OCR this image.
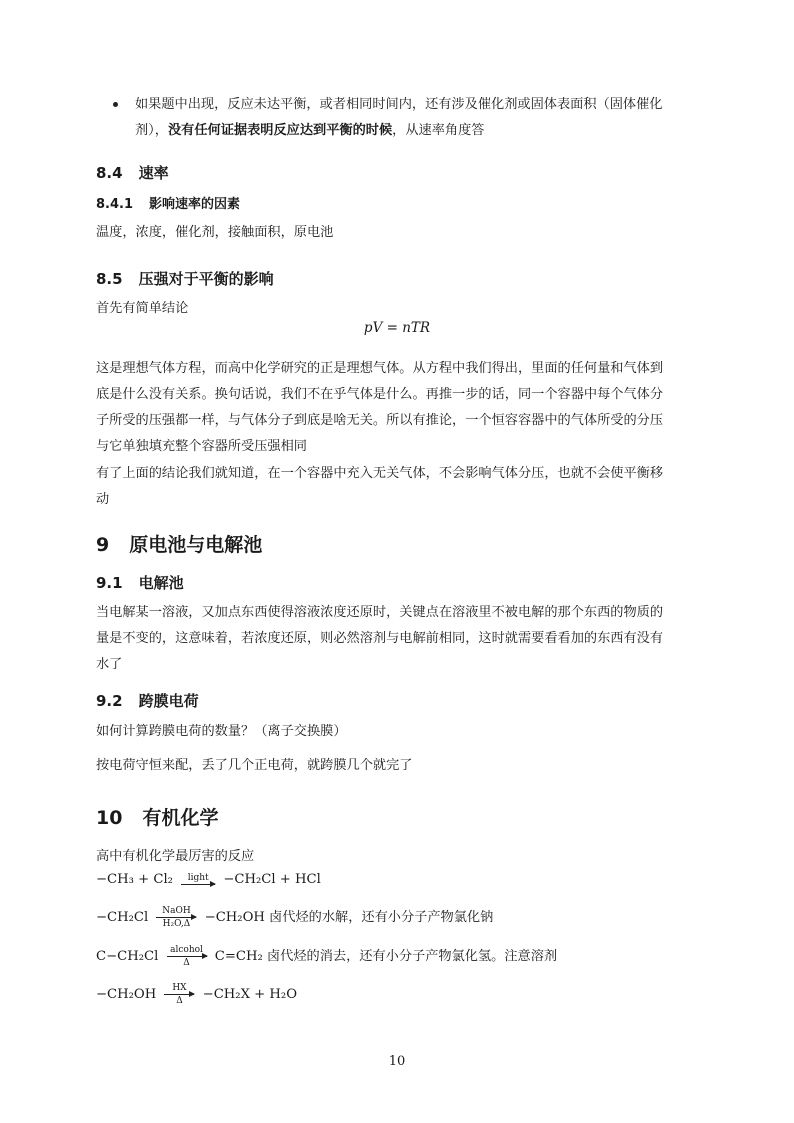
如果题中出现，反应未达平衡，或者相同时间内，还有涉及催化剂或固体表面积（固体催化
剂），没有任何证据表明反应达到平衡的时候，从速率角度答
8.4 速率
8.4.1 影响速率的因素
温度，浓度，催化剂，接触面积，原电池
8.5 压强对于平衡的影响
首先有简单结论
pV = nTR
这是理想气体方程，而高中化学研究的正是理想气体。从方程中我们得出，里面的任何量和气体到
底是什么没有关系。换句话说，我们不在乎气体是什么。再推一步的话，同一个容器中每个气体分
子所受的压强都一样，与气体分子到底是啥无关。所以有推论，一个恒容容器中的气体所受的分压
与它单独填充整个容器所受压强相同
有了上面的结论我们就知道，在一个容器中充入无关气体，不会影响气体分压，也就不会使平衡移
动
9 原电池与电解池
9.1 电解池
当电解某一溶液，又加点东西使得溶液浓度还原时，关键点在溶液里不被电解的那个东西的物质的
量是不变的，这意味着，若浓度还原，则必然溶剂与电解前相同，这时就需要看看加的东西有没有
水了
9.2 跨膜电荷
如何计算跨膜电荷的数量？（离子交换膜）
按电荷守恒来配，丢了几个正电荷，就跨膜几个就完了
10 有机化学
高中有机化学最厉害的反应
−CH₃ + Cl₂	light	−CH₂Cl + HCl
−CH₂Cl	NaOH
H₂O,Δ	−CH₂OH 卤代烃的水解，还有小分子产物氯化钠
C−CH₂Cl	alcohol
Δ	C=CH₂ 卤代烃的消去，还有小分子产物氯化氢。注意溶剂
$-CH_2OH \frac{HX}{\Delta} -CH_2X + H_2O$
10
